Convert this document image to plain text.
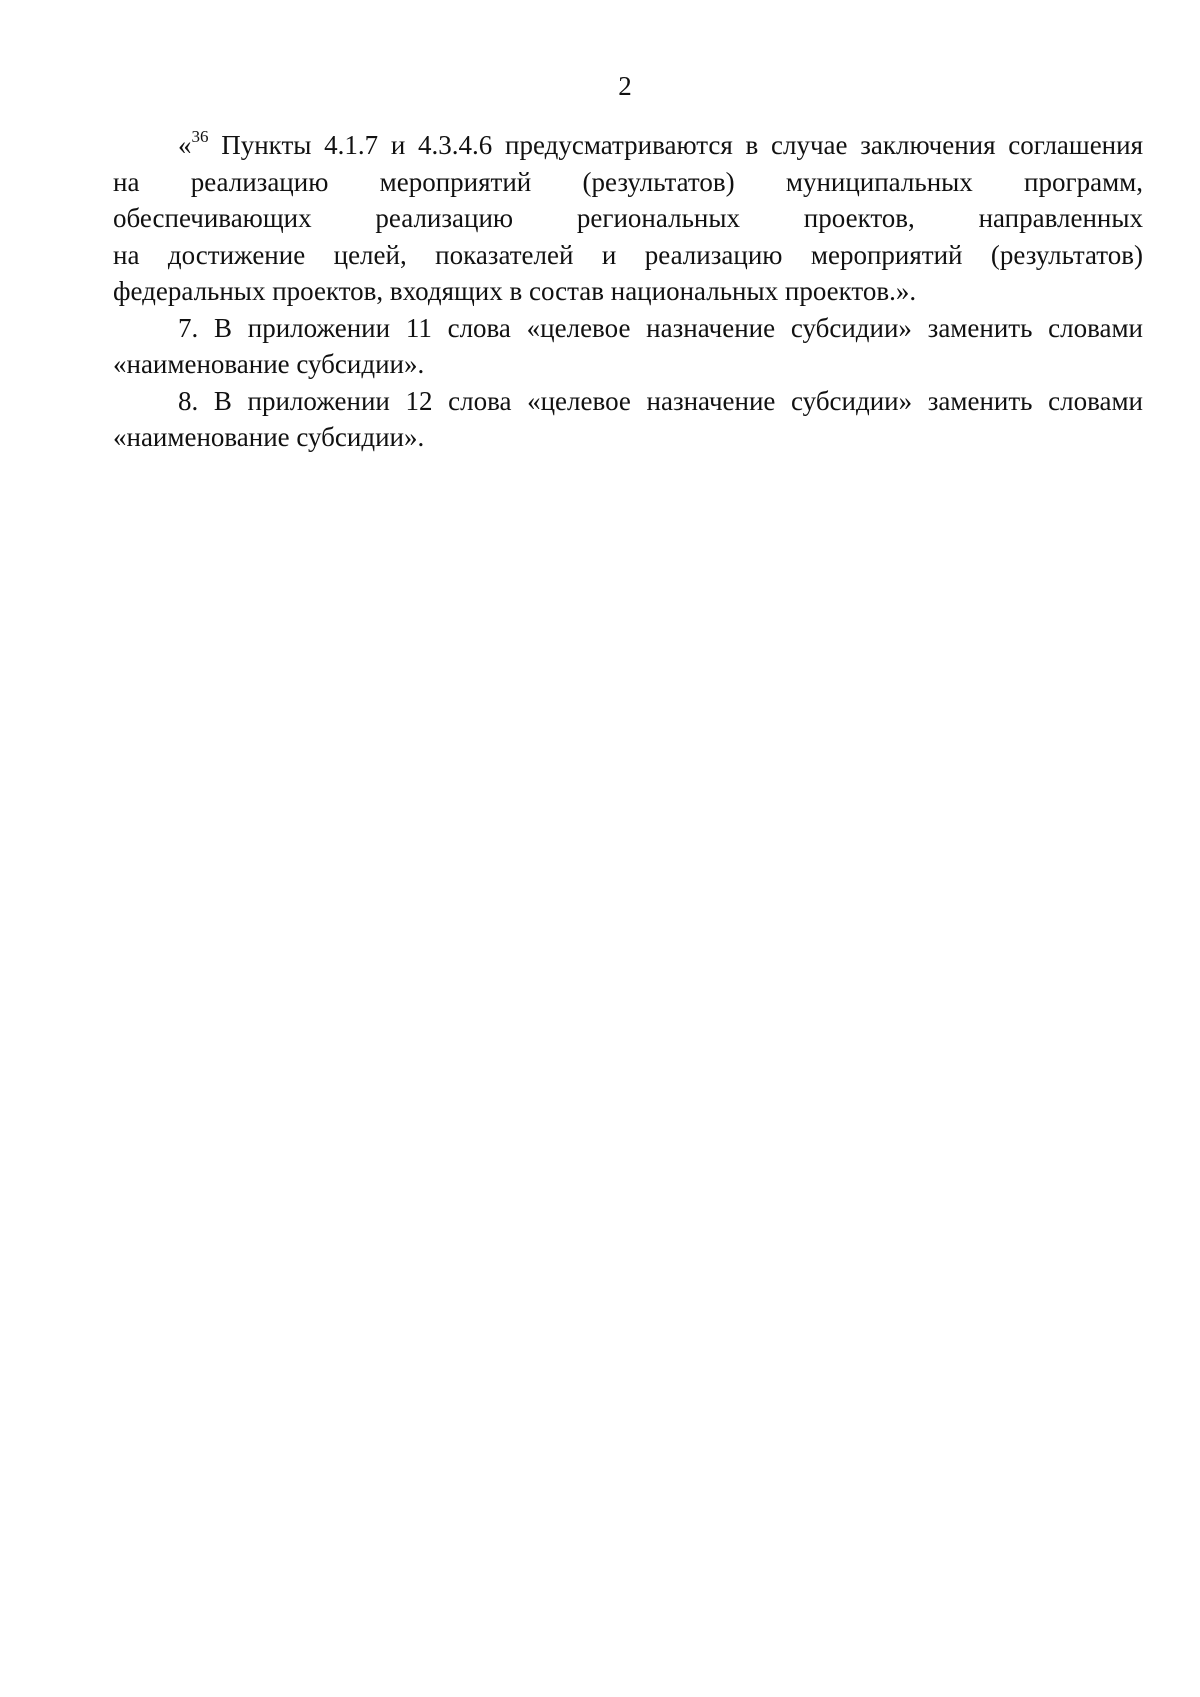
2
«$^{36}$ Пункты 4.1.7 и 4.3.4.6 предусматриваются в случае заключения соглашения
на реализацию мероприятий (результатов) муниципальных программ,
обеспечивающих реализацию региональных проектов, направленных
на достижение целей, показателей и реализацию мероприятий (результатов)
федеральных проектов, входящих в состав национальных проектов.».
7. В приложении 11 слова «целевое назначение субсидии» заменить словами
«наименование субсидии».
8. В приложении 12 слова «целевое назначение субсидии» заменить словами
«наименование субсидии».
